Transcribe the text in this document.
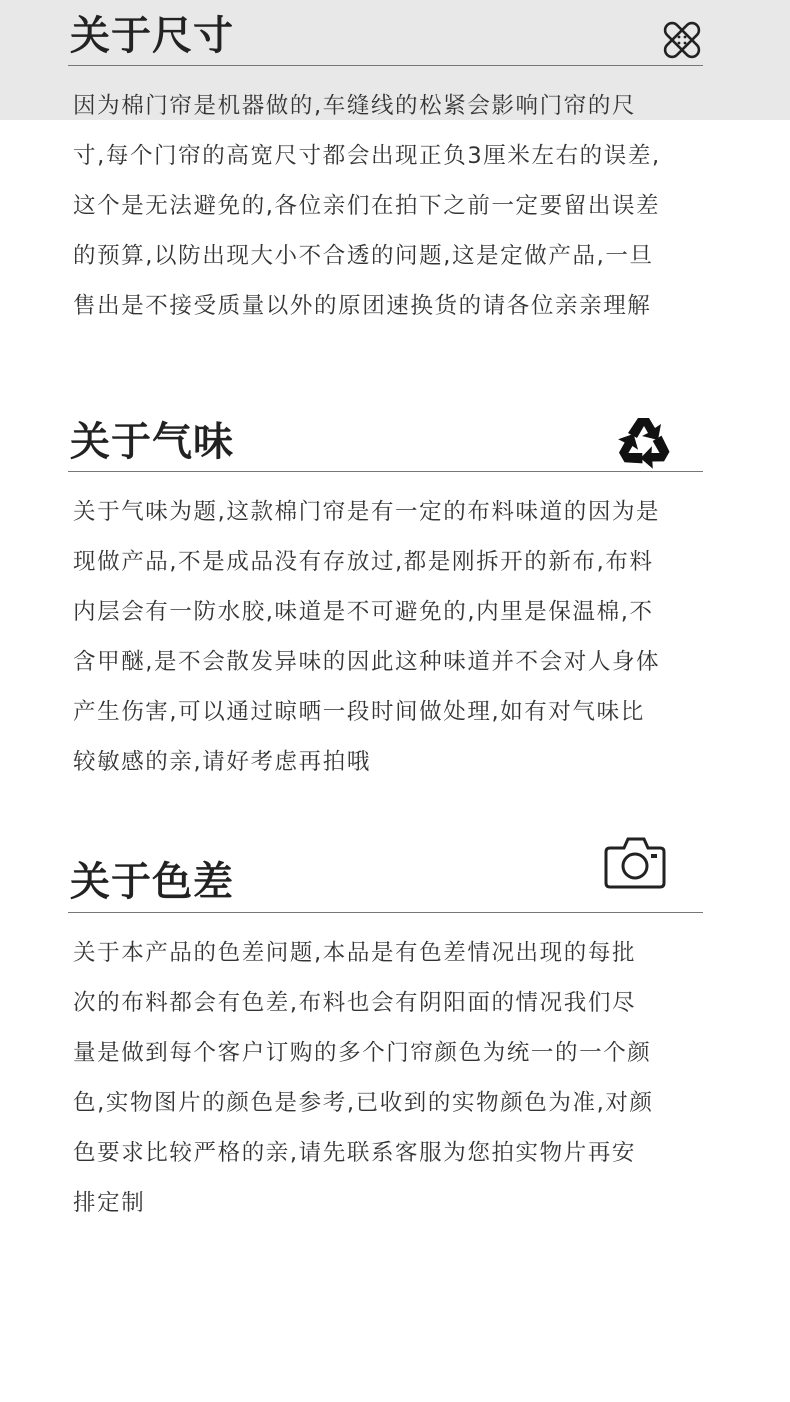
关于尺寸
因为棉门帘是机器做的,车缝线的松紧会影响门帘的尺
寸,每个门帘的高宽尺寸都会出现正负3厘米左右的误差,
这个是无法避免的,各位亲们在拍下之前一定要留出误差
的预算,以防出现大小不合透的问题,这是定做产品,一旦
售出是不接受质量以外的原团速换货的请各位亲亲理解
关于气味
关于气味为题,这款棉门帘是有一定的布料味道的因为是
现做产品,不是成品没有存放过,都是刚拆开的新布,布料
内层会有一防水胶,味道是不可避免的,内里是保温棉,不
含甲醚,是不会散发异味的因此这种味道并不会对人身体
产生伤害,可以通过晾晒一段时间做处理,如有对气味比
较敏感的亲,请好考虑再拍哦
关于色差
关于本产品的色差问题,本品是有色差情况出现的每批
次的布料都会有色差,布料也会有阴阳面的情况我们尽
量是做到每个客户订购的多个门帘颜色为统一的一个颜
色,实物图片的颜色是参考,已收到的实物颜色为准,对颜
色要求比较严格的亲,请先联系客服为您拍实物片再安
排定制
